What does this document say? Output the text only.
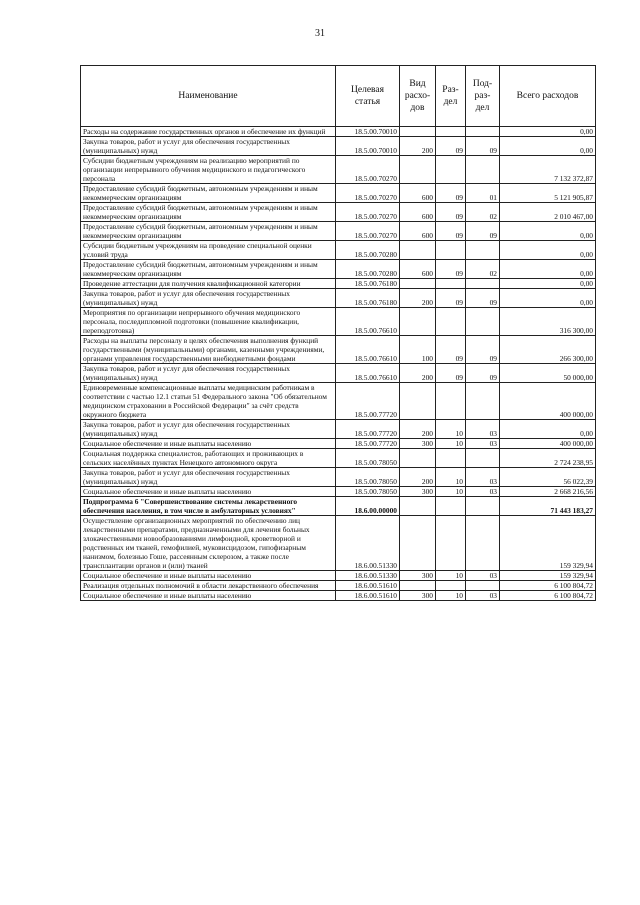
31
Наименование	Целевая статья	Вид расхо-дов	Раз-дел	Под-раз-дел	Всего расходов
Расходы на содержание государственных органов и обеспечение их функций	18.5.00.70010				0,00
Закупка товаров, работ и услуг для обеспечения государственных (муниципальных) нужд	18.5.00.70010	200	09	09	0,00
Субсидии бюджетным учреждениям на реализацию мероприятий по организации непрерывного обучения медицинского и педагогического персонала	18.5.00.70270				7 132 372,87
Предоставление субсидий бюджетным, автономным учреждениям и иным некоммерческим организациям	18.5.00.70270	600	09	01	5 121 905,87
Предоставление субсидий бюджетным, автономным учреждениям и иным некоммерческим организациям	18.5.00.70270	600	09	02	2 010 467,00
Предоставление субсидий бюджетным, автономным учреждениям и иным некоммерческим организациям	18.5.00.70270	600	09	09	0,00
Субсидии бюджетным учреждениям на проведение специальной оценки условий труда	18.5.00.70280				0,00
Предоставление субсидий бюджетным, автономным учреждениям и иным некоммерческим организациям	18.5.00.70280	600	09	02	0,00
Проведение аттестации для получения квалификационной категории	18.5.00.76180				0,00
Закупка товаров, работ и услуг для обеспечения государственных (муниципальных) нужд	18.5.00.76180	200	09	09	0,00
Мероприятия по организации непрерывного обучения медицинского персонала, последипломной подготовки (повышение квалификации, переподготовка)	18.5.00.76610				316 300,00
Расходы на выплаты персоналу в целях обеспечения выполнения функций государственными (муниципальными) органами, казенными учреждениями, органами управления государственными внебюджетными фондами	18.5.00.76610	100	09	09	266 300,00
Закупка товаров, работ и услуг для обеспечения государственных (муниципальных) нужд	18.5.00.76610	200	09	09	50 000,00
Единовременные компенсационные выплаты медицинским работникам в соответствии с частью 12.1 статьи 51 Федерального закона "Об обязательном медицинском страховании в Российской Федерации" за счёт средств окружного бюджета	18.5.00.77720				400 000,00
Закупка товаров, работ и услуг для обеспечения государственных (муниципальных) нужд	18.5.00.77720	200	10	03	0,00
Социальное обеспечение и иные выплаты населению	18.5.00.77720	300	10	03	400 000,00
Социальная поддержка специалистов, работающих и проживающих в сельских населённых пунктах Ненецкого автономного округа	18.5.00.78050				2 724 238,95
Закупка товаров, работ и услуг для обеспечения государственных (муниципальных) нужд	18.5.00.78050	200	10	03	56 022,39
Социальное обеспечение и иные выплаты населению	18.5.00.78050	300	10	03	2 668 216,56
Подпрограмма 6 "Совершенствование системы лекарственного обеспечения населения, в том числе в амбулаторных условиях"	18.6.00.00000				71 443 183,27
Осуществление организационных мероприятий по обеспечению лиц лекарственными препаратами, предназначенными для лечения больных злокачественными новообразованиями лимфоидной, кроветворной и родственных им тканей, гемофилией, муковисцидозом, гипофизарным нанизмом, болезнью Гоше, рассеянным склерозом, а также после трансплантации органов и (или) тканей	18.6.00.51330				159 329,94
Социальное обеспечение и иные выплаты населению	18.6.00.51330	300	10	03	159 329,94
Реализация отдельных полномочий в области лекарственного обеспечения	18.6.00.51610				6 100 804,72
Социальное обеспечение и иные выплаты населению	18.6.00.51610	300	10	03	6 100 804,72
